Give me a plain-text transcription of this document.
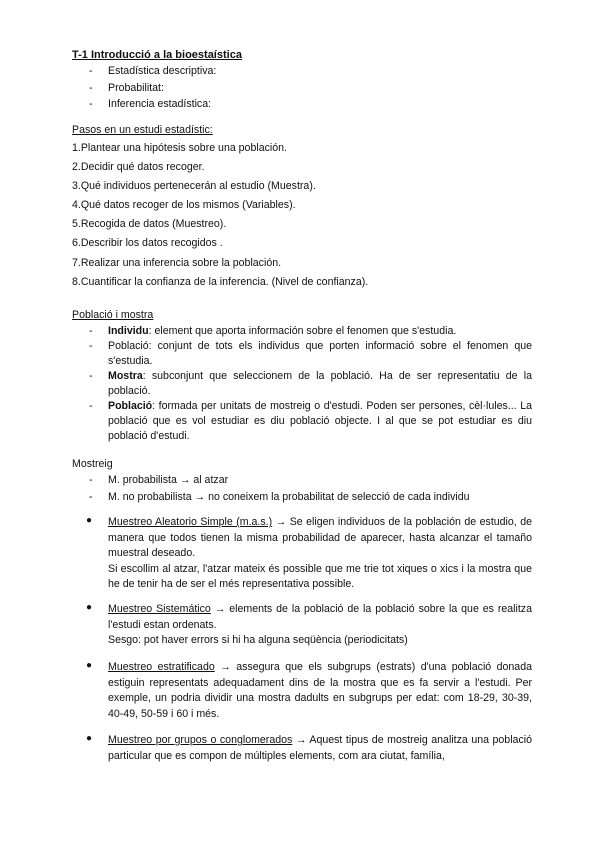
T-1 Introducció a la bioestaística
- Estadística descriptiva:
- Probabilitat:
- Inferencia estadística:
Pasos en un estudi estadístic:
1.Plantear una hipótesis sobre una población.
2.Decidir qué datos recoger.
3.Qué individuos pertenecerán al estudio (Muestra).
4.Qué datos recoger de los mismos (Variables).
5.Recogida de datos (Muestreo).
6.Describir los datos recogidos .
7.Realizar una inferencia sobre la población.
8.Cuantificar la confianza de la inferencia. (Nivel de confianza).
Població i mostra
- Individu: element que aporta información sobre el fenomen que s'estudia.
- Població: conjunt de tots els individus que porten informació sobre el fenomen que s'estudia.
- Mostra: subconjunt que seleccionem de la població. Ha de ser representatiu de la població.
- Població: formada per unitats de mostreig o d'estudi. Poden ser persones, cèl·lules... La població que es vol estudiar es diu població objecte. I al que se pot estudiar es diu població d'estudi.
Mostreig
- M. probabilista → al atzar
- M. no probabilista → no coneixem la probabilitat de selecció de cada individu
● Muestreo Aleatorio Simple (m.a.s.) → Se eligen individuos de la población de estudio, de manera que todos tienen la misma probabilidad de aparecer, hasta alcanzar el tamaño muestral deseado.
Si escollim al atzar, l'atzar mateix és possible que me trie tot xiques o xics i la mostra que he de tenir ha de ser el més representativa possible.
● Muestreo Sistemático → elements de la població de la població sobre la que es realitza l'estudi estan ordenats.
Sesgo: pot haver errors si hi ha alguna seqüència (periodicitats)
● Muestreo estratificado → assegura que els subgrups (estrats) d'una població donada estiguin representats adequadament dins de la mostra que es fa servir a l'estudi. Per exemple, un podria dividir una mostra dadults en subgrups per edat: com 18-29, 30-39, 40-49, 50-59 i 60 i més.
● Muestreo por grupos o conglomerados → Aquest tipus de mostreig analitza una població particular que es compon de múltiples elements, com ara ciutat, família,
